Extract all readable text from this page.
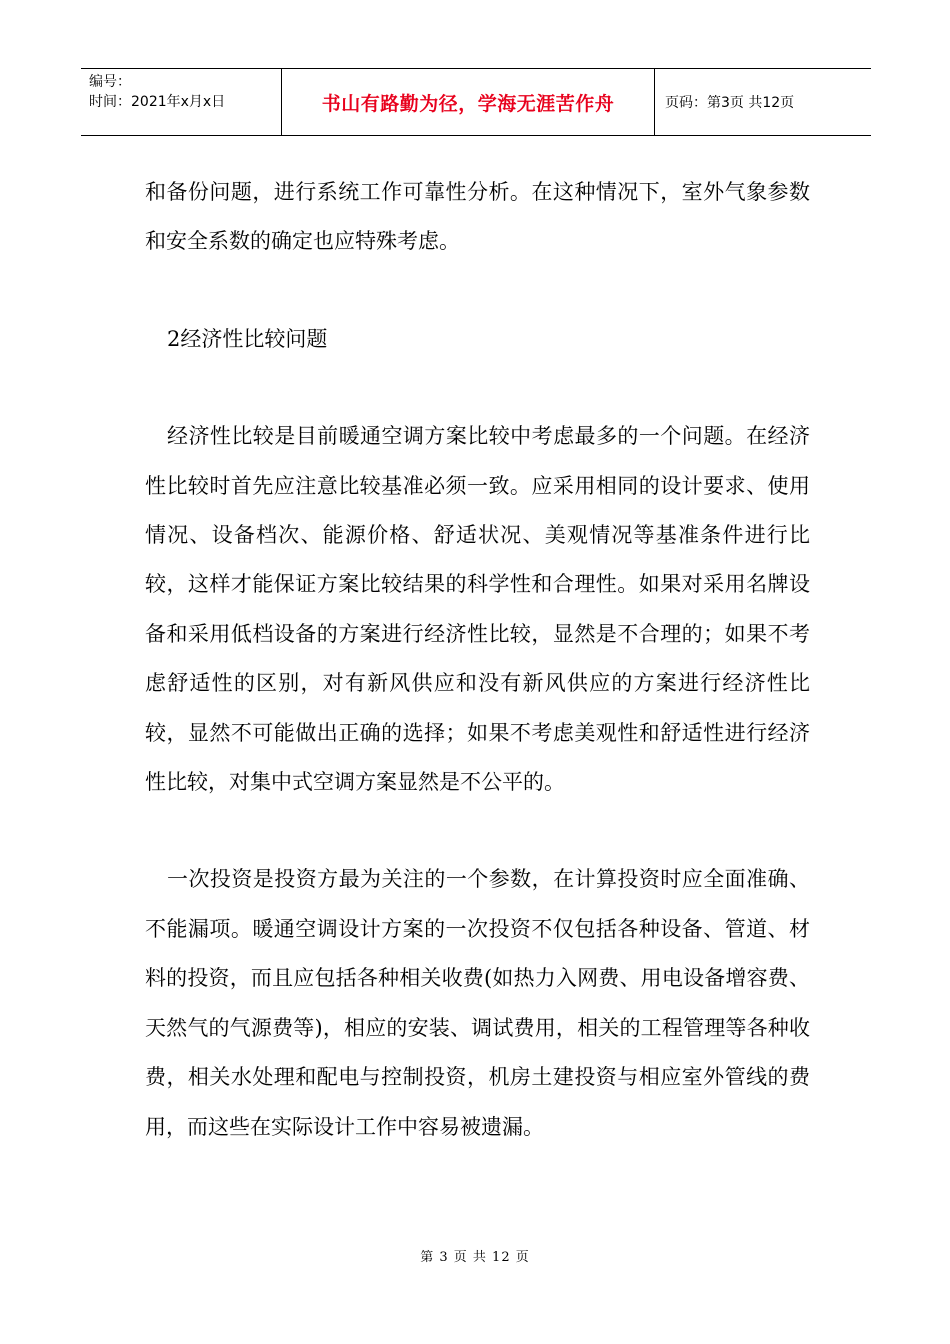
编号：
时间：2021年x月x日	书山有路勤为径，学海无涯苦作舟	页码：第3页 共12页

和备份问题，进行系统工作可靠性分析。在这种情况下，室外气象参数和安全系数的确定也应特殊考虑。

2经济性比较问题

经济性比较是目前暖通空调方案比较中考虑最多的一个问题。在经济性比较时首先应注意比较基准必须一致。应采用相同的设计要求、使用情况、设备档次、能源价格、舒适状况、美观情况等基准条件进行比较，这样才能保证方案比较结果的科学性和合理性。如果对采用名牌设备和采用低档设备的方案进行经济性比较，显然是不合理的；如果不考虑舒适性的区别，对有新风供应和没有新风供应的方案进行经济性比较，显然不可能做出正确的选择；如果不考虑美观性和舒适性进行经济性比较，对集中式空调方案显然是不公平的。

一次投资是投资方最为关注的一个参数，在计算投资时应全面准确、不能漏项。暖通空调设计方案的一次投资不仅包括各种设备、管道、材料的投资，而且应包括各种相关收费(如热力入网费、用电设备增容费、天然气的气源费等)，相应的安装、调试费用，相关的工程管理等各种收费，相关水处理和配电与控制投资，机房土建投资与相应室外管线的费用，而这些在实际设计工作中容易被遗漏。

第 3 页 共 12 页
